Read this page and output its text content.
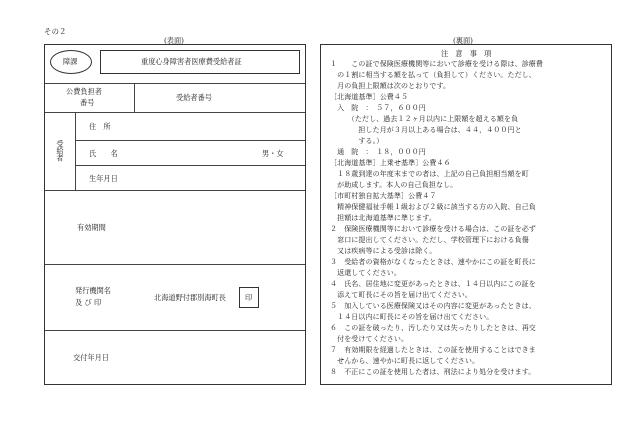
その２
(表面)
障課	重度心身障害者医療費受給者証
公費負担者
番号
受給者番号
受給者
住　所
氏　　名	男・女
生年月日
有効期間
発行機関名
及 び 印
北海道野付郡別海町長	印
交付年月日
(裏面)
注　意　事　項
１　　この証で保険医療機関等において診療を受ける際は、診療費
　の１割に相当する額を払って（負担して）ください。ただし、
　月の負担上限額は次のとおりです。
［北海道基準］公費４５
　入　院　：　５７，６００円
　　　（ただし、過去１２ヶ月以内に上限額を超える額を負
　　　　担した月が３月以上ある場合は、４４，４００円と
　　　　する。）
　通　院　：　１８，０００円
［北海道基準］上乗せ基準］公費４６
　１８歳到達の年度末までの者は、上記の自己負担相当額を町
　が助成します。本人の自己負担なし。
［市町村独自拡大基準］公費４７
　精神保健福祉手帳１級および２級に該当する方の入院、自己負
　担額は北海道基準に準じます。
２　保険医療機関等において診療を受ける場合は、この証を必ず
　窓口に提出してください。ただし、学校管理下における負傷
　又は疾病等による受診は除く。
３　受給者の資格がなくなったときは、速やかにこの証を町長に
　返還してください。
４　氏名、居住地に変更があったときは、１４日以内にこの証を
　添えて町長にその旨を届け出てください。
５　加入している医療保険又はその内容に変更があったときは、
　１４日以内に町長にその旨を届け出てください。
６　この証を破ったり、汚したり又は失ったりしたときは、再交
　付を受けてください。
７　有効期限を経過したときは、この証を使用することはできま
　せんから、速やかに町長に返してください。
８　不正にこの証を使用した者は、刑法により処分を受けます。
